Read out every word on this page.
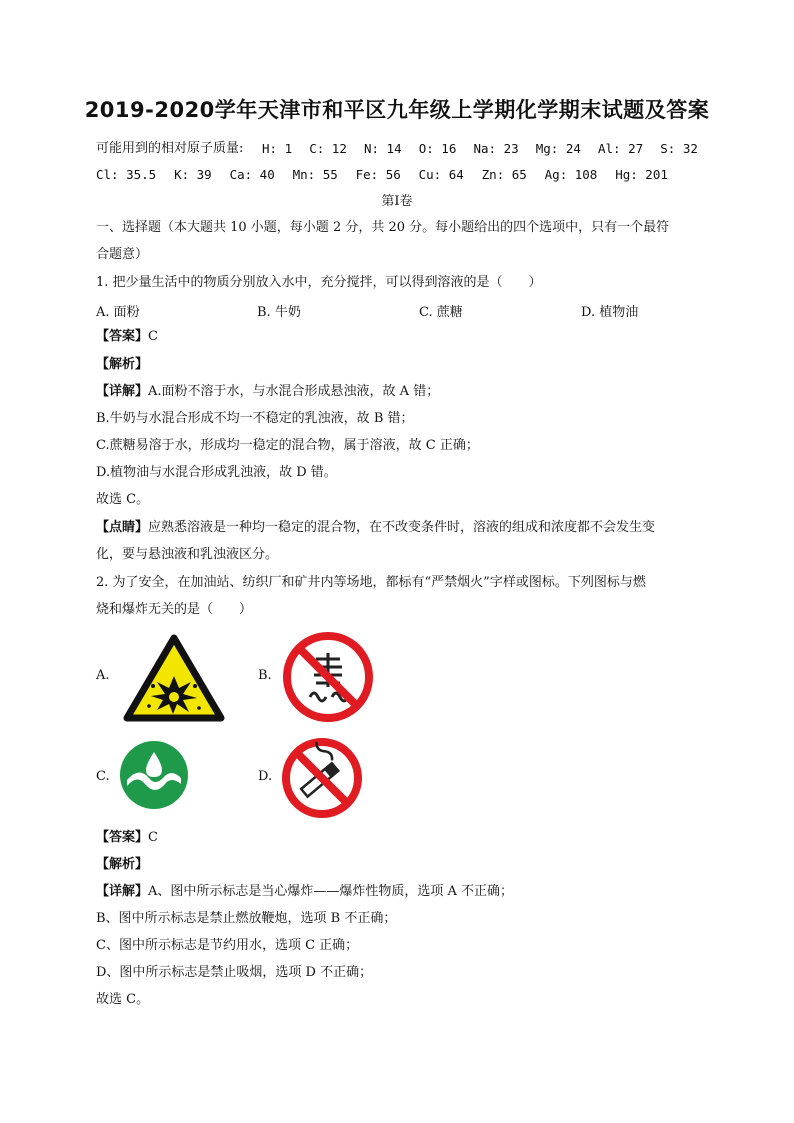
2019-2020学年天津市和平区九年级上学期化学期末试题及答案
可能用到的相对原子质量: H: 1 C: 12 N: 14 O: 16 Na: 23 Mg: 24 Al: 27 S: 32
Cl: 35.5 K: 39 Ca: 40 Mn: 55 Fe: 56 Cu: 64 Zn: 65 Ag: 108 Hg: 201
第I卷
一、选择题（本大题共 10 小题，每小题 2 分，共 20 分。每小题给出的四个选项中，只有一个最符
合题意）
1. 把少量生活中的物质分别放入水中，充分搅拌，可以得到溶液的是（　　）
A. 面粉	B. 牛奶	C. 蔗糖	D. 植物油
【答案】C
【解析】
【详解】A.面粉不溶于水，与水混合形成悬浊液，故 A 错；
B.牛奶与水混合形成不均一不稳定的乳浊液，故 B 错；
C.蔗糖易溶于水，形成均一稳定的混合物，属于溶液，故 C 正确；
D.植物油与水混合形成乳浊液，故 D 错。
故选 C。
【点睛】应熟悉溶液是一种均一稳定的混合物，在不改变条件时，溶液的组成和浓度都不会发生变
化，要与悬浊液和乳浊液区分。
2. 为了安全，在加油站、纺织厂和矿井内等场地，都标有“严禁烟火”字样或图标。下列图标与燃
烧和爆炸无关的是（　　）
A.	B.
C.	D.
【答案】C
【解析】
【详解】A、图中所示标志是当心爆炸——爆炸性物质，选项 A 不正确；
B、图中所示标志是禁止燃放鞭炮，选项 B 不正确；
C、图中所示标志是节约用水，选项 C 正确；
D、图中所示标志是禁止吸烟，选项 D 不正确；
故选 C。
